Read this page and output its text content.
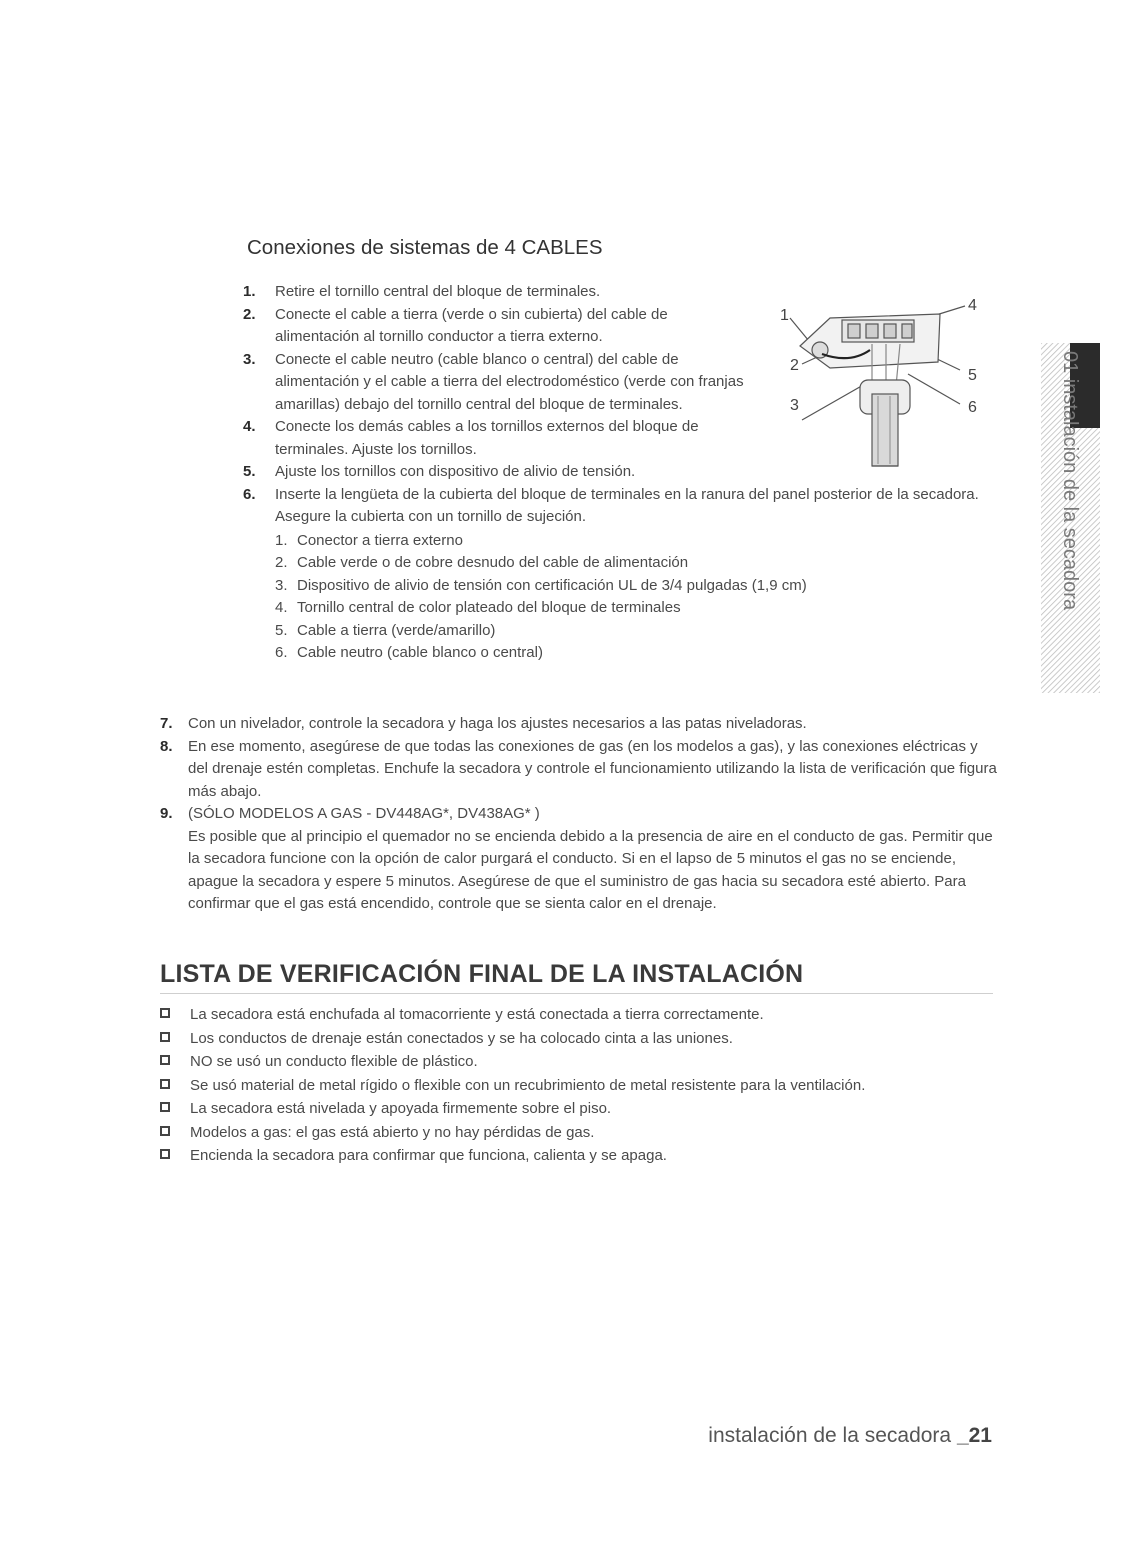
01 instalación de la secadora
Conexiones de sistemas de 4 CABLES
1. Retire el tornillo central del bloque de terminales.
2. Conecte el cable a tierra (verde o sin cubierta) del cable de alimentación al tornillo conductor a tierra externo.
3. Conecte el cable neutro (cable blanco o central) del cable de alimentación y el cable a tierra del electrodoméstico (verde con franjas amarillas) debajo del tornillo central del bloque de terminales.
4. Conecte los demás cables a los tornillos externos del bloque de terminales. Ajuste los tornillos.
5. Ajuste los tornillos con dispositivo de alivio de tensión.
6. Inserte la lengüeta de la cubierta del bloque de terminales en la ranura del panel posterior de la secadora.
Asegure la cubierta con un tornillo de sujeción.
1. Conector a tierra externo
2. Cable verde o de cobre desnudo del cable de alimentación
3. Dispositivo de alivio de tensión con certificación UL de 3/4 pulgadas (1,9 cm)
4. Tornillo central de color plateado del bloque de terminales
5. Cable a tierra (verde/amarillo)
6. Cable neutro (cable blanco o central)
1
2
3
4
5
6
7. Con un nivelador, controle la secadora y haga los ajustes necesarios a las patas niveladoras.
8. En ese momento, asegúrese de que todas las conexiones de gas (en los modelos a gas), y las conexiones eléctricas y del drenaje estén completas. Enchufe la secadora y controle el funcionamiento utilizando la lista de verificación que figura más abajo.
9. (SÓLO MODELOS A GAS - DV448AG*, DV438AG* )
Es posible que al principio el quemador no se encienda debido a la presencia de aire en el conducto de gas. Permitir que la secadora funcione con la opción de calor purgará el conducto. Si en el lapso de 5 minutos el gas no se enciende, apague la secadora y espere 5 minutos. Asegúrese de que el suministro de gas hacia su secadora esté abierto. Para confirmar que el gas está encendido, controle que se sienta calor en el drenaje.
LISTA DE VERIFICACIÓN FINAL DE LA INSTALACIÓN
La secadora está enchufada al tomacorriente y está conectada a tierra correctamente.
Los conductos de drenaje están conectados y se ha colocado cinta a las uniones.
NO se usó un conducto flexible de plástico.
Se usó material de metal rígido o flexible con un recubrimiento de metal resistente para la ventilación.
La secadora está nivelada y apoyada firmemente sobre el piso.
Modelos a gas: el gas está abierto y no hay pérdidas de gas.
Encienda la secadora para confirmar que funciona, calienta y se apaga.
instalación de la secadora _21
